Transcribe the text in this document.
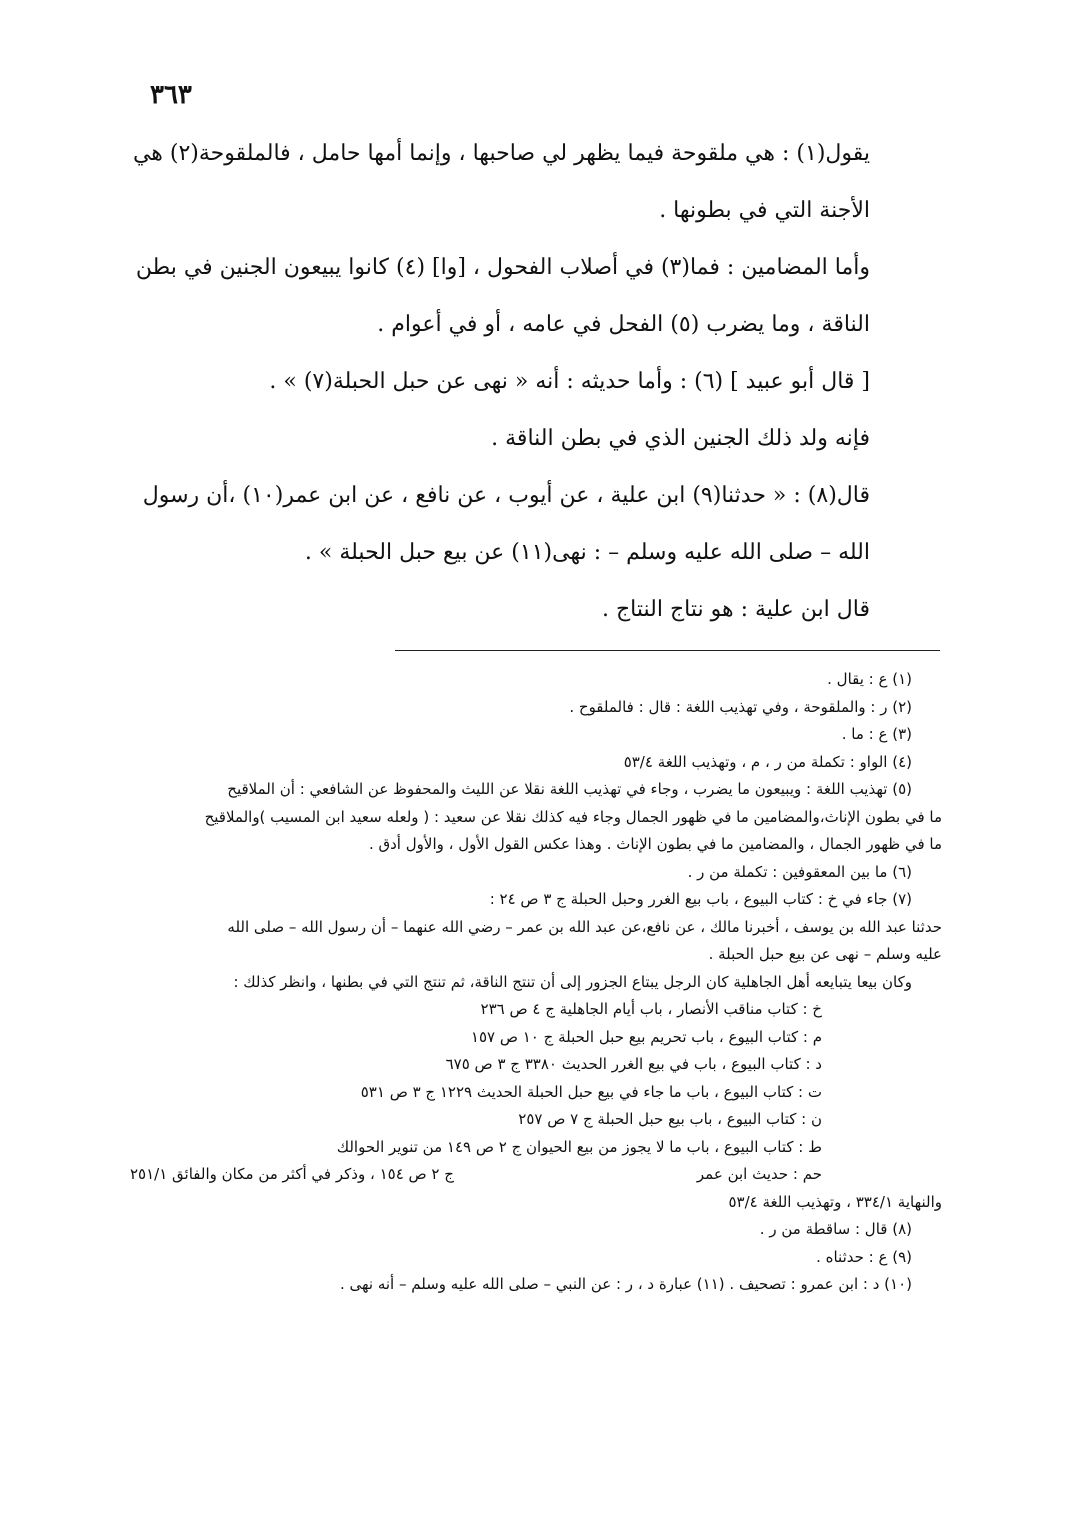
٣٦٣

يقول(١) : هي ملقوحة فيما يظهر لي صاحبها ، وإنما أمها حامل ، فالملقوحة(٢) هي

الأجنة التي في بطونها .

وأما المضامين : فما(٣) في أصلاب الفحول ، [وا] (٤) كانوا يبيعون الجنين في بطن

الناقة ، وما يضرب (٥) الفحل في عامه ، أو في أعوام .

[ قال أبو عبيد ] (٦) : وأما حديثه : أنه « نهى عن حبل الحبلة(٧) » .

فإنه ولد ذلك الجنين الذي في بطن الناقة .

قال(٨) : « حدثنا(٩) ابن علية ، عن أيوب ، عن نافع ، عن ابن عمر(١٠) ،أن رسول

الله – صلى الله عليه وسلم – : نهى(١١) عن بيع حبل الحبلة » .

قال ابن علية : هو نتاج النتاج .

(١) ع : يقال .

(٢) ر : والملقوحة ، وفي تهذيب اللغة : قال : فالملقوح .

(٣) ع : ما .

(٤) الواو : تكملة من ر ، م ، وتهذيب اللغة ٥٣/٤

(٥) تهذيب اللغة : ويبيعون ما يضرب ، وجاء في تهذيب اللغة نقلا عن الليث والمحفوظ عن الشافعي : أن الملاقيح

ما في بطون الإناث،والمضامين ما في ظهور الجمال وجاء فيه كذلك نقلا عن سعيد : ( ولعله سعيد ابن المسيب )والملاقيح

ما في ظهور الجمال ، والمضامين ما في بطون الإناث . وهذا عكس القول الأول ، والأول أدق .

(٦) ما بين المعقوفين : تكملة من ر .

(٧) جاء في خ : كتاب البيوع ، باب بيع الغرر وحبل الحبلة ج ٣ ص ٢٤ :

حدثنا عبد الله بن يوسف ، أخبرنا مالك ، عن نافع،عن عبد الله بن عمر – رضي الله عنهما – أن رسول الله – صلى الله

عليه وسلم – نهى عن بيع حبل الحبلة .

وكان بيعا يتبايعه أهل الجاهلية كان الرجل يبتاع الجزور إلى أن تنتج الناقة، ثم تنتج التي في بطنها ، وانظر كذلك :

خ : كتاب مناقب الأنصار ، باب أيام الجاهلية ج ٤ ص ٢٣٦

م : كتاب البيوع ، باب تحريم بيع حبل الحبلة ج ١٠ ص ١٥٧

د : كتاب البيوع ، باب في بيع الغرر الحديث ٣٣٨٠ ج ٣ ص ٦٧٥

ت : كتاب البيوع ، باب ما جاء في بيع حبل الحبلة الحديث ١٢٢٩ ج ٣ ص ٥٣١

ن : كتاب البيوع ، باب بيع حبل الحبلة ج ٧ ص ٢٥٧

ط : كتاب البيوع ، باب ما لا يجوز من بيع الحيوان ج ٢ ص ١٤٩ من تنوير الحوالك

حم : حديث ابن عمر
ج ٢ ص ١٥٤ ، وذكر في أكثر من مكان والفائق ٢٥١/١

والنهاية ٣٣٤/١ ، وتهذيب اللغة ٥٣/٤

(٨) قال : ساقطة من ر .

(٩) ع : حدثناه .

(١٠) د : ابن عمرو : تصحيف . (١١) عبارة د ، ر : عن النبي – صلى الله عليه وسلم – أنه نهى .
